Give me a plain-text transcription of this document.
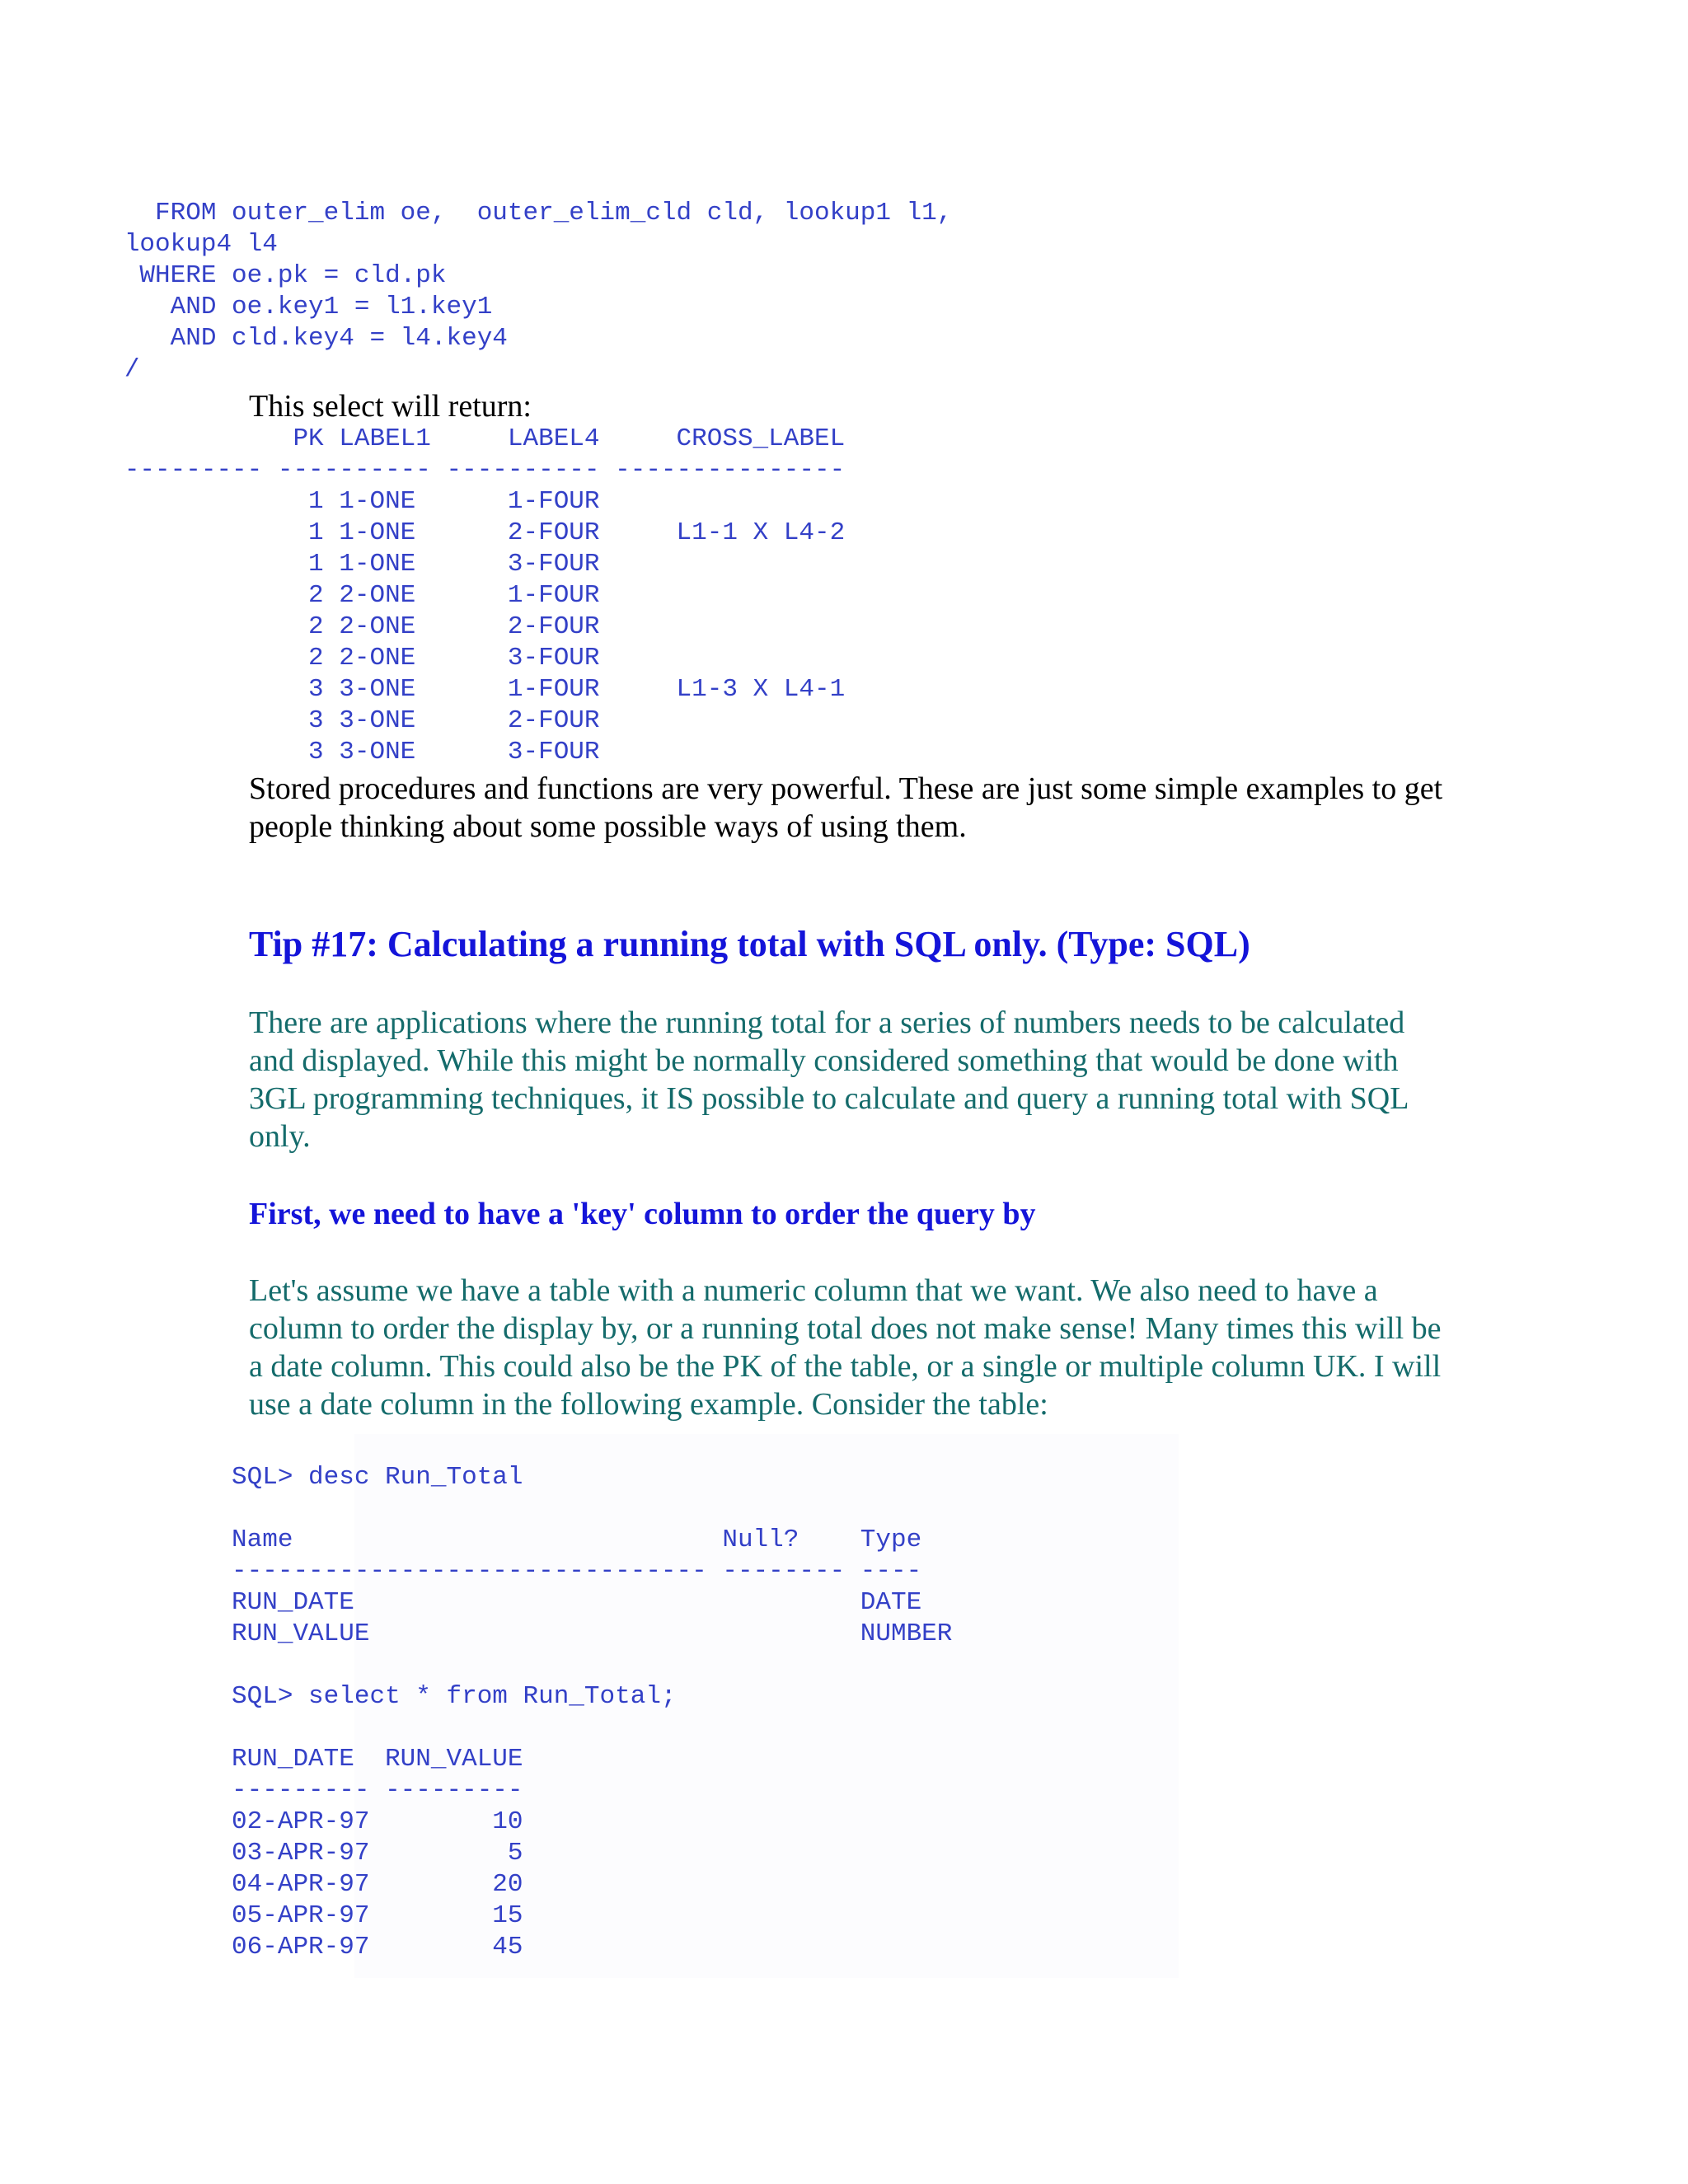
FROM outer_elim oe,  outer_elim_cld cld, lookup1 l1,
lookup4 l4
WHERE oe.pk = cld.pk
AND oe.key1 = l1.key1
AND cld.key4 = l4.key4
/

This select will return:

PK LABEL1     LABEL4     CROSS_LABEL
--------- ---------- ---------- ---------------
1 1-ONE      1-FOUR
1 1-ONE      2-FOUR     L1-1 X L4-2
1 1-ONE      3-FOUR
2 2-ONE      1-FOUR
2 2-ONE      2-FOUR
2 2-ONE      3-FOUR
3 3-ONE      1-FOUR     L1-3 X L4-1
3 3-ONE      2-FOUR
3 3-ONE      3-FOUR

Stored procedures and functions are very powerful. These are just some simple examples to get people thinking about some possible ways of using them.

Tip #17: Calculating a running total with SQL only. (Type: SQL)

There are applications where the running total for a series of numbers needs to be calculated and displayed. While this might be normally considered something that would be done with 3GL programming techniques, it IS possible to calculate and query a running total with SQL only.

First, we need to have a 'key' column to order the query by

Let's assume we have a table with a numeric column that we want. We also need to have a column to order the display by, or a running total does not make sense! Many times this will be a date column. This could also be the PK of the table, or a single or multiple column UK. I will use a date column in the following example. Consider the table:

SQL> desc Run_Total

Name                            Null?    Type
------------------------------- -------- ----
RUN_DATE                                 DATE
RUN_VALUE                                NUMBER

SQL> select * from Run_Total;

RUN_DATE  RUN_VALUE
--------- ---------
02-APR-97        10
03-APR-97         5
04-APR-97        20
05-APR-97        15
06-APR-97        45
